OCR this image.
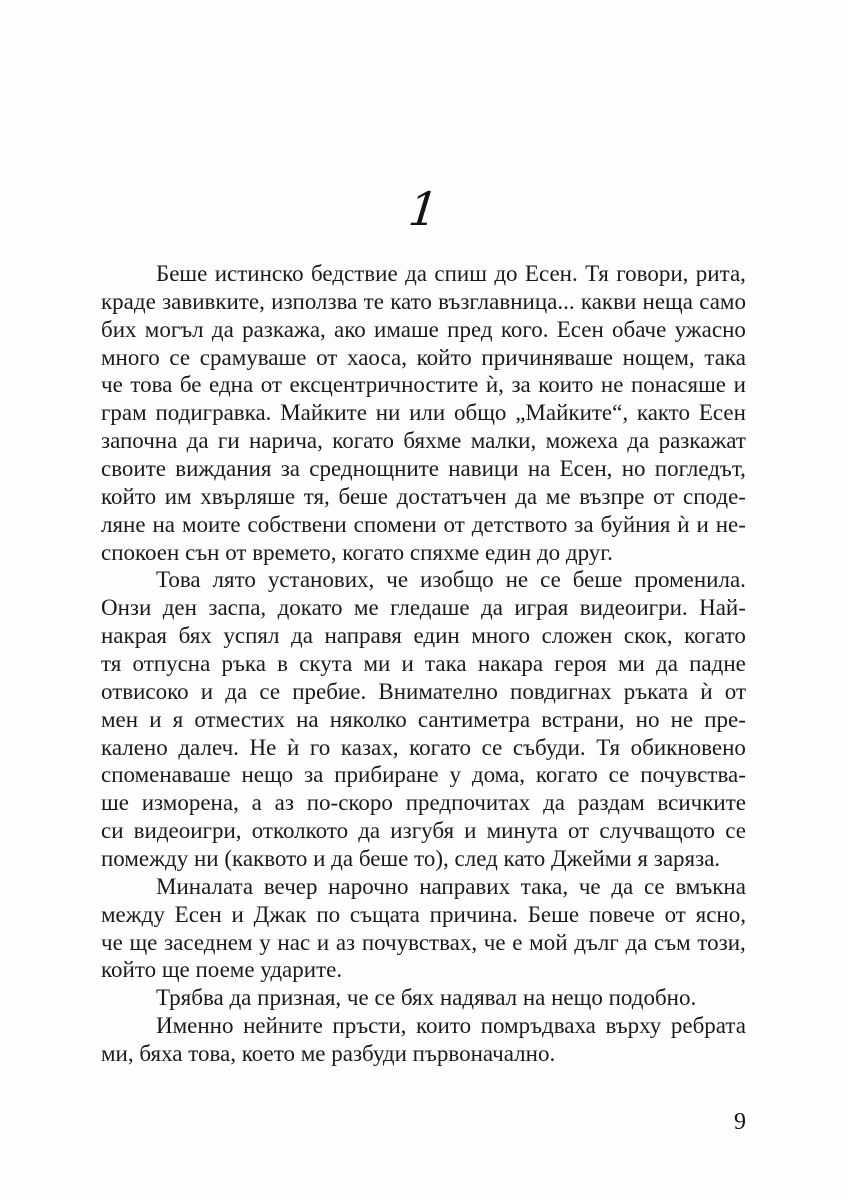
1
Беше истинско бедствие да спиш до Есен. Тя говори, рита,
краде завивките, използва те като възглавница... какви неща само
бих могъл да разкажа, ако имаше пред кого. Есен обаче ужасно
много се срамуваше от хаоса, който причиняваше нощем, така
че това бе една от ексцентричностите ѝ, за които не понасяше и
грам подигравка. Майките ни или общо „Майките“, както Есен
започна да ги нарича, когато бяхме малки, можеха да разкажат
своите виждания за среднощните навици на Есен, но погледът,
който им хвърляше тя, беше достатъчен да ме възпре от споде-
ляне на моите собствени спомени от детството за буйния ѝ и не-
спокоен сън от времето, когато спяхме един до друг.
Това лято установих, че изобщо не се беше променила.
Онзи ден заспа, докато ме гледаше да играя видеоигри. Най-
накрая бях успял да направя един много сложен скок, когато
тя отпусна ръка в скута ми и така накара героя ми да падне
отвисоко и да се пребие. Внимателно повдигнах ръката ѝ от
мен и я отместих на няколко сантиметра встрани, но не пре-
калено далеч. Не ѝ го казах, когато се събуди. Тя обикновено
споменаваше нещо за прибиране у дома, когато се почувства-
ше изморена, а аз по-скоро предпочитах да раздам всичките
си видеоигри, отколкото да изгубя и минута от случващото се
помежду ни (каквото и да беше то), след като Джейми я заряза.
Миналата вечер нарочно направих така, че да се вмъкна
между Есен и Джак по същата причина. Беше повече от ясно,
че ще заседнем у нас и аз почувствах, че е мой дълг да съм този,
който ще поеме ударите.
Трябва да призная, че се бях надявал на нещо подобно.
Именно нейните пръсти, които помръдваха върху ребрата
ми, бяха това, което ме разбуди първоначално.
9
